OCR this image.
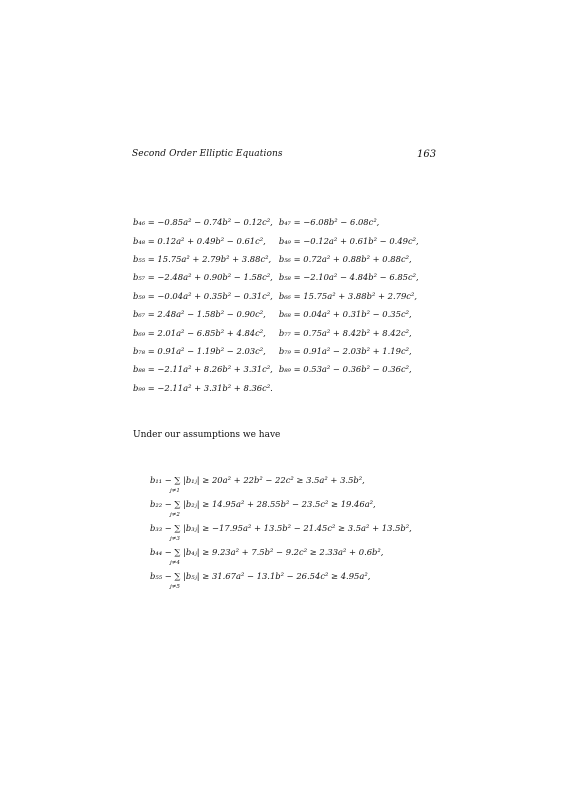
Second Order Elliptic Equations	163
b₄₆ = −0.85a² − 0.74b² − 0.12c²,	b₄₇ = −6.08b² − 6.08c²,
b₄₈ = 0.12a² + 0.49b² − 0.61c²,	b₄₉ = −0.12a² + 0.61b² − 0.49c²,
b₅₅ = 15.75a² + 2.79b² + 3.88c²,	b₅₆ = 0.72a² + 0.88b² + 0.88c²,
b₅₇ = −2.48a² + 0.90b² − 1.58c²,	b₅₈ = −2.10a² − 4.84b² − 6.85c²,
b₅₉ = −0.04a² + 0.35b² − 0.31c²,	b₆₆ = 15.75a² + 3.88b² + 2.79c²,
b₆₇ = 2.48a² − 1.58b² − 0.90c²,	b₆₈ = 0.04a² + 0.31b² − 0.35c²,
b₆₉ = 2.01a² − 6.85b² + 4.84c²,	b₇₇ = 0.75a² + 8.42b² + 8.42c²,
b₇₈ = 0.91a² − 1.19b² − 2.03c²,	b₇₉ = 0.91a² − 2.03b² + 1.19c²,
b₈₈ = −2.11a² + 8.26b² + 3.31c²,	b₈₉ = 0.53a² − 0.36b² − 0.36c²,
b₉₉ = −2.11a² + 3.31b² + 8.36c².	

Under our assumptions we have

b₁₁ − ∑ |b₁ⱼ| ≥ 20a² + 22b² − 22c² ≥ 3.5a² + 3.5b²,
j≠1
b₂₂ − ∑ |b₂ⱼ| ≥ 14.95a² + 28.55b² − 23.5c² ≥ 19.46a²,
j≠2
b₃₃ − ∑ |b₃ⱼ| ≥ −17.95a² + 13.5b² − 21.45c² ≥ 3.5a² + 13.5b²,
j≠3
b₄₄ − ∑ |b₄ⱼ| ≥ 9.23a² + 7.5b² − 9.2c² ≥ 2.33a² + 0.6b²,
j≠4
b₅₅ − ∑ |b₅ⱼ| ≥ 31.67a² − 13.1b² − 26.54c² ≥ 4.95a²,
j≠5
